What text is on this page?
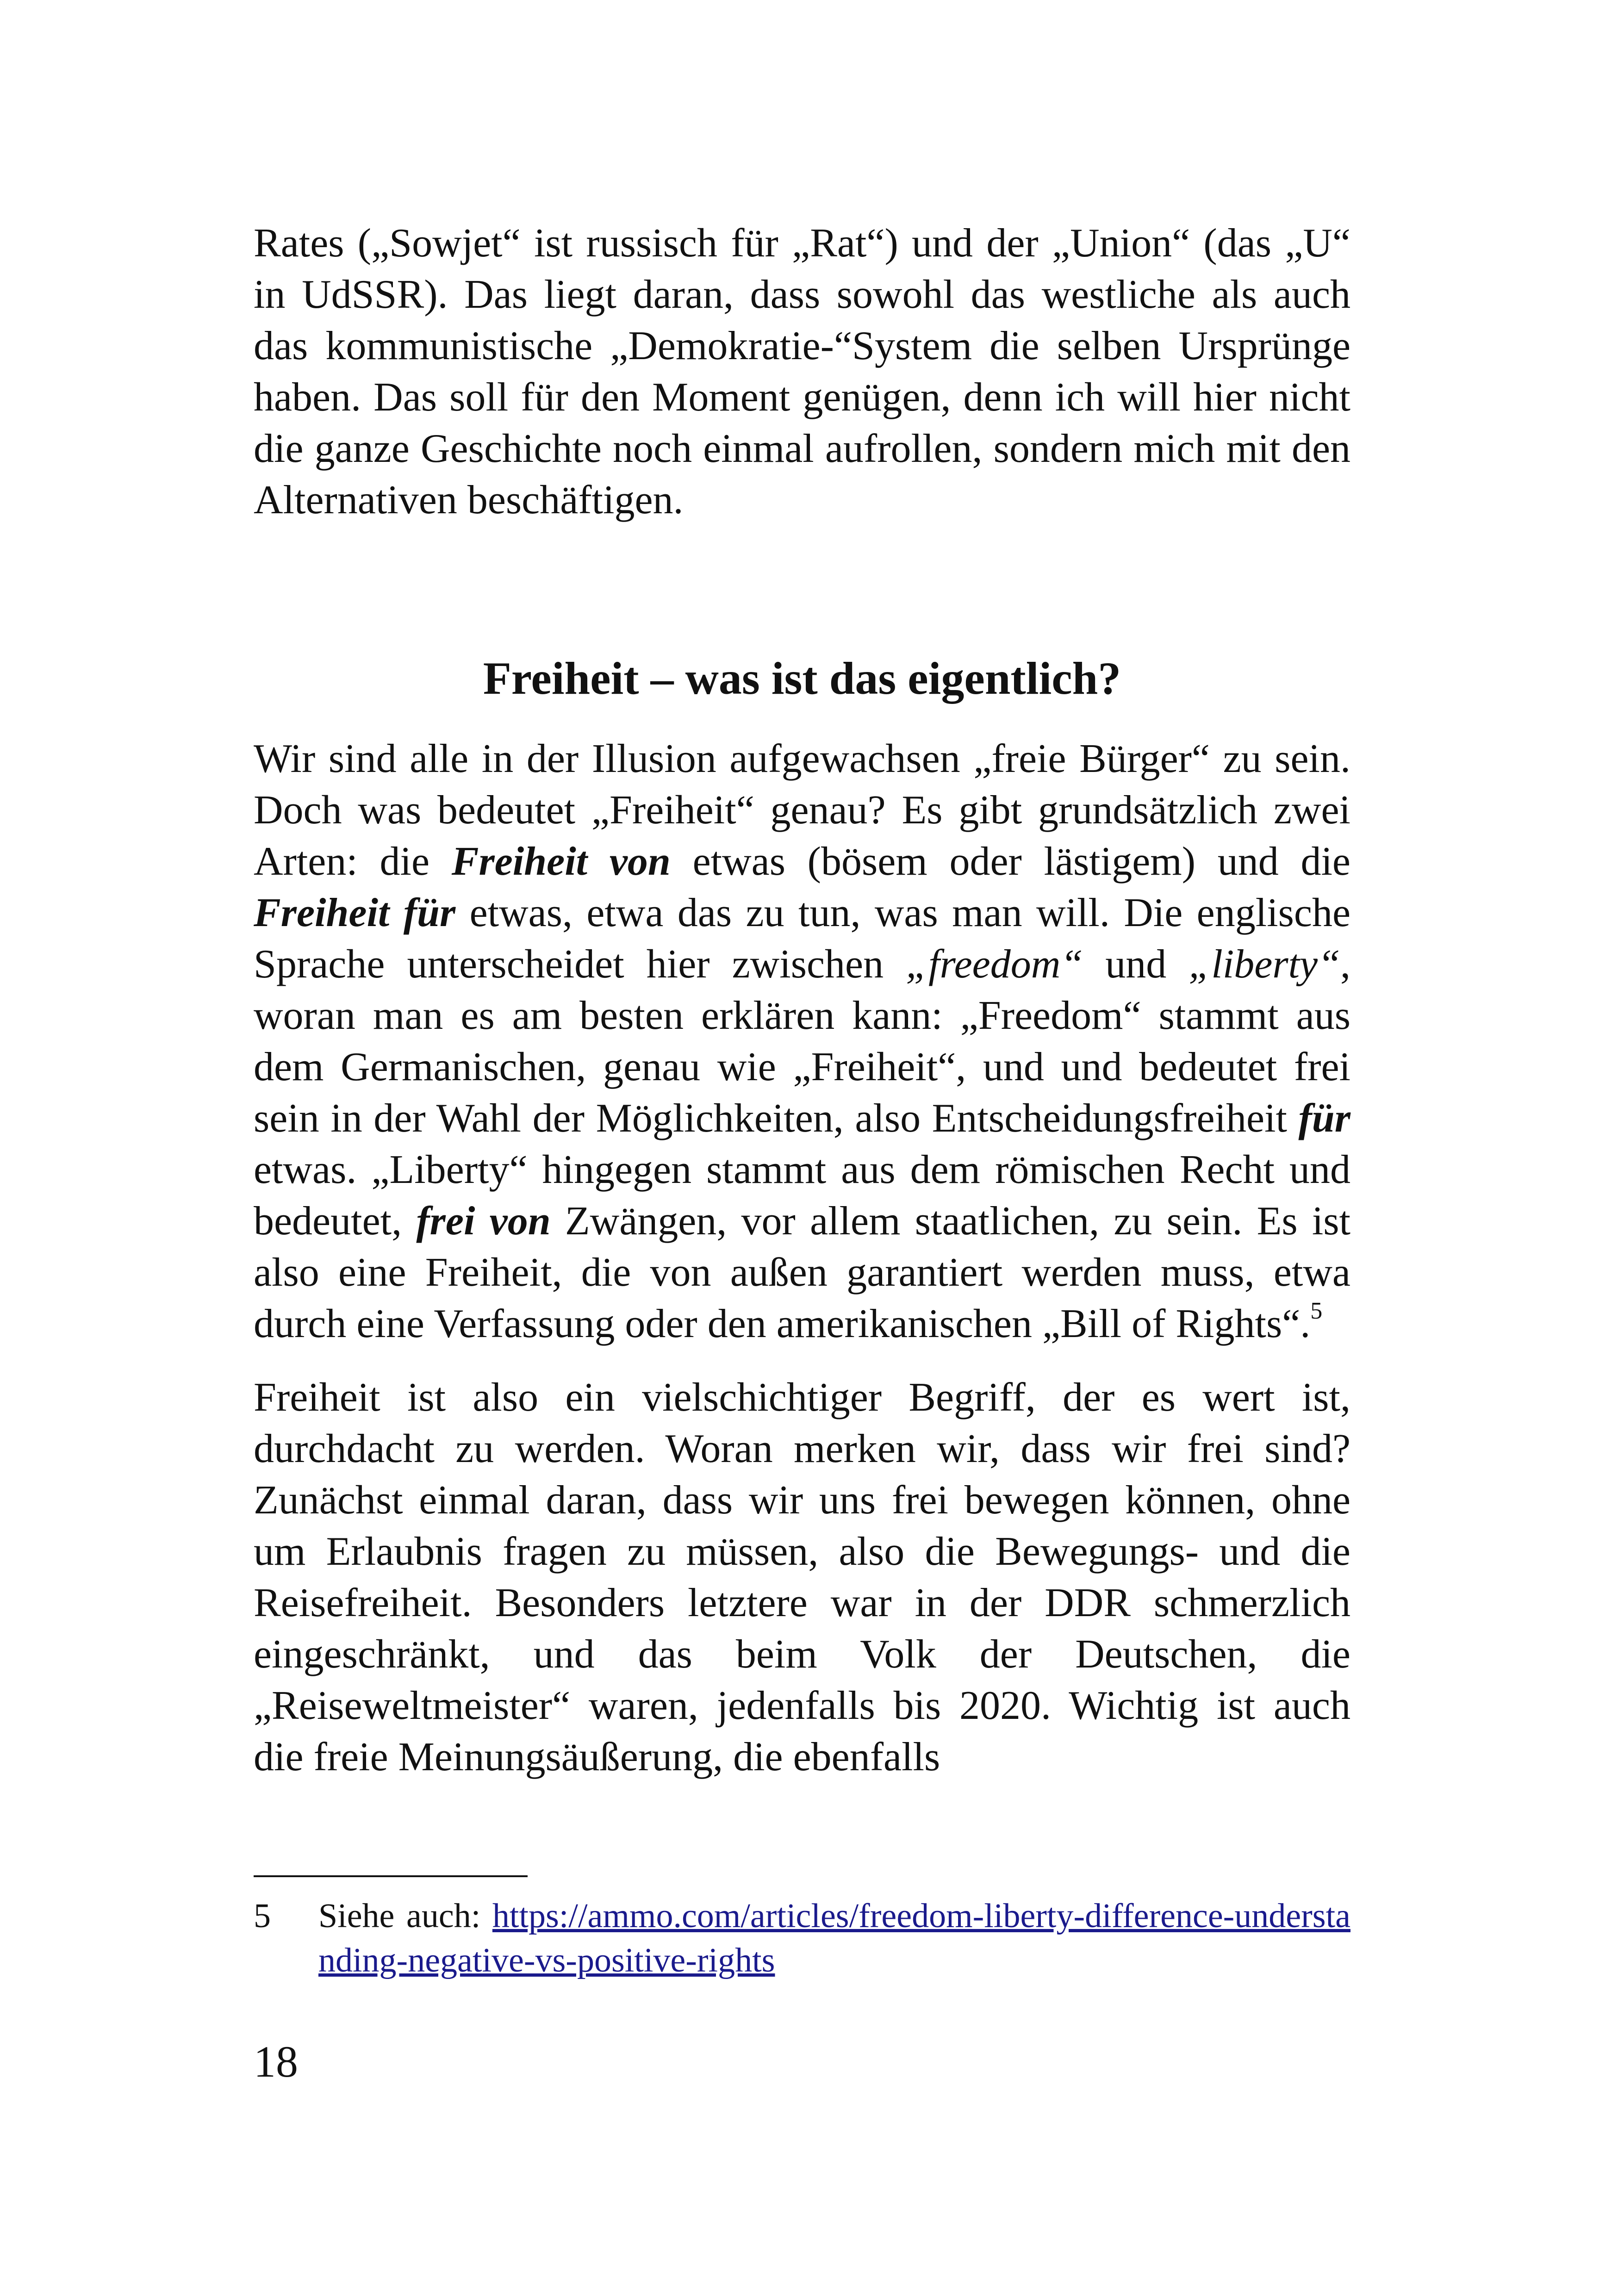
Rates („Sowjet“ ist russisch für „Rat“) und der „Union“ (das „U“ in UdSSR). Das liegt daran, dass sowohl das westliche als auch das kommunistische „Demokratie-“System die selben Ursprünge haben. Das soll für den Moment genügen, denn ich will hier nicht die ganze Geschichte noch einmal aufrollen, sondern mich mit den Alternativen beschäftigen.

Freiheit – was ist das eigentlich?

Wir sind alle in der Illusion aufgewachsen „freie Bürger“ zu sein. Doch was bedeutet „Freiheit“ genau? Es gibt grundsätzlich zwei Arten: die Freiheit von etwas (bösem oder lästigem) und die Freiheit für etwas, etwa das zu tun, was man will. Die englische Sprache unterscheidet hier zwischen „freedom“ und „liberty“, woran man es am besten erklären kann: „Freedom“ stammt aus dem Germanischen, genau wie „Freiheit“, und und bedeutet frei sein in der Wahl der Möglichkeiten, also Entscheidungsfreiheit für etwas. „Liberty“ hingegen stammt aus dem römischen Recht und bedeutet, frei von Zwängen, vor allem staatlichen, zu sein. Es ist also eine Freiheit, die von außen garantiert werden muss, etwa durch eine Verfassung oder den amerikanischen „Bill of Rights“.$^5$

Freiheit ist also ein vielschichtiger Begriff, der es wert ist, durchdacht zu werden. Woran merken wir, dass wir frei sind? Zunächst einmal daran, dass wir uns frei bewegen können, ohne um Erlaubnis fragen zu müssen, also die Bewegungs- und die Reisefreiheit. Besonders letztere war in der DDR schmerzlich eingeschränkt, und das beim Volk der Deutschen, die „Reiseweltmeister“ waren, jedenfalls bis 2020. Wichtig ist auch die freie Meinungsäußerung, die ebenfalls

5	Siehe auch: https://ammo.com/articles/freedom-liberty-difference-understanding-negative-vs-positive-rights
18
